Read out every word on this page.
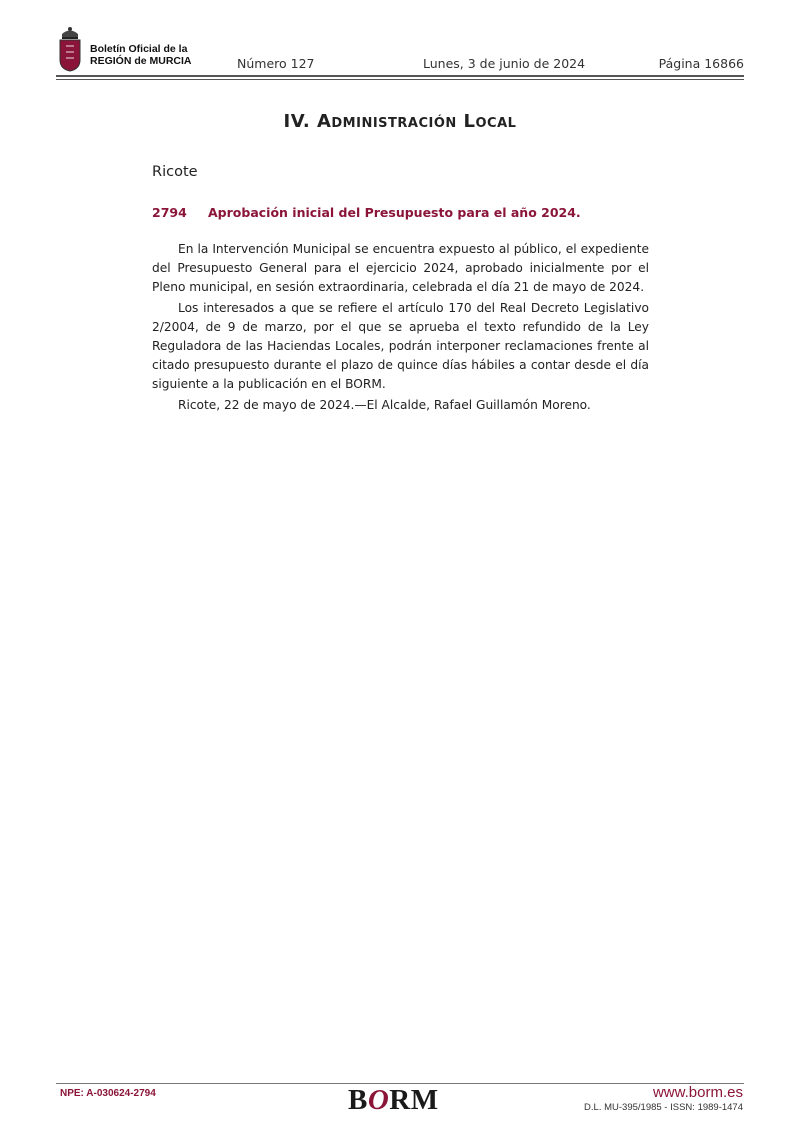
Boletín Oficial de la
REGIÓN de MURCIA	Número 127	Lunes, 3 de junio de 2024	Página 16866
IV. Administración Local
Ricote
2794 Aprobación inicial del Presupuesto para el año 2024.

En la Intervención Municipal se encuentra expuesto al público, el expediente del Presupuesto General para el ejercicio 2024, aprobado inicialmente por el Pleno municipal, en sesión extraordinaria, celebrada el día 21 de mayo de 2024.

Los interesados a que se refiere el artículo 170 del Real Decreto Legislativo 2/2004, de 9 de marzo, por el que se aprueba el texto refundido de la Ley Reguladora de las Haciendas Locales, podrán interponer reclamaciones frente al citado presupuesto durante el plazo de quince días hábiles a contar desde el día siguiente a la publicación en el BORM.

Ricote, 22 de mayo de 2024.—El Alcalde, Rafael Guillamón Moreno.

NPE: A-030624-2794	BORM	www.borm.es
D.L. MU-395/1985 - ISSN: 1989-1474
